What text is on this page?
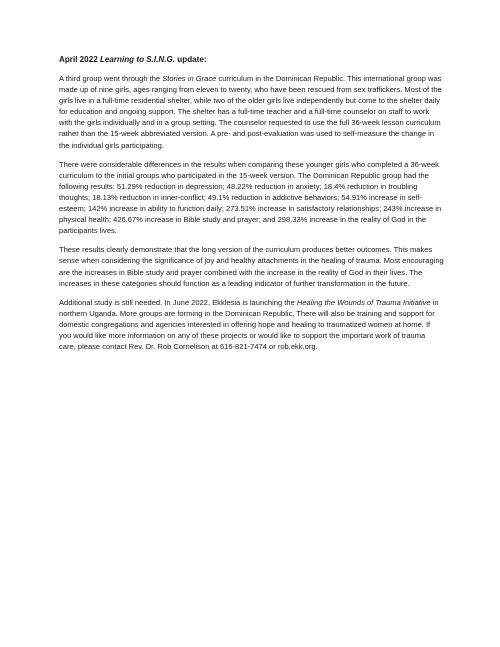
April 2022 Learning to S.I.N.G. update:

A third group went through the Stories in Grace curriculum in the Dominican Republic. This international group was made up of nine girls, ages ranging from eleven to twenty, who have been rescued from sex traffickers. Most of the girls live in a full-time residential shelter, while two of the older girls live independently but come to the shelter daily for education and ongoing support. The shelter has a full-time teacher and a full-time counselor on staff to work with the girls individually and in a group setting. The counselor requested to use the full 36-week lesson curriculum rather than the 15-week abbreviated version. A pre- and post-evaluation was used to self-measure the change in the individual girls participating.

There were considerable differences in the results when comparing these younger girls who completed a 36-week curriculum to the initial groups who participated in the 15-week version. The Dominican Republic group had the following results: 51.29% reduction in depression; 48.22% reduction in anxiety; 18.4% reduction in troubling thoughts; 18.13% reduction in inner-conflict; 49.1% reduction in addictive behaviors; 54.91% increase in self-esteem; 142% increase in ability to function daily; 273.51% increase in satisfactory relationships; 243% increase in physical health; 426.67% increase in Bible study and prayer; and 298.33% increase in the reality of God in the participants lives.

These results clearly demonstrate that the long version of the curriculum produces better outcomes. This makes sense when considering the significance of joy and healthy attachments in the healing of trauma. Most encouraging are the increases in Bible study and prayer combined with the increase in the reality of God in their lives. The increases in these categories should function as a leading indicator of further transformation in the future.

Additional study is still needed. In June 2022, Ekklesia is launching the Healing the Wounds of Trauma Initiative in northern Uganda. More groups are forming in the Dominican Republic. There will also be training and support for domestic congregations and agencies interested in offering hope and healing to traumatized women at home. If you would like more information on any of these projects or would like to support the important work of trauma care, please contact Rev. Dr. Rob Cornelison at 616-821-7474 or rob.ekk.org.
